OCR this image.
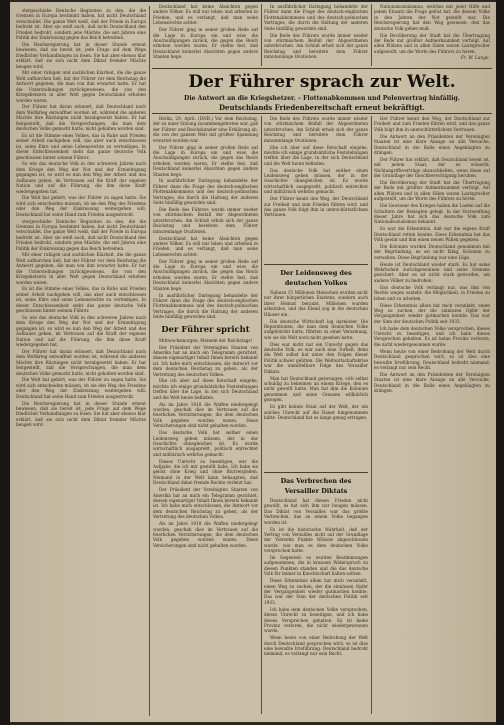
stergeschiebe Dentsche Regionten zu den, die die Grenzen in Europa bestimmt haben, hat nicht Deutschland verschuldet. Die ganze Welt weiß, daß der Friede in Europa bedroht ist. Aber sie weiß auch, daß nicht Deutschland den Frieden bedroht, sondern jene Mächte, die seit Jahren eine Politik der Einkreisung gegen das Reich betreiben.

Die Reichsregierung hat in dieser Stunde erneut bewiesen, daß sie bereit ist, jede Frage auf dem Wege friedlicher Verhandlungen zu lösen. Sie hat aber ebenso klar erklärt, daß sie sich nicht dem Diktat fremder Mächte beugen wird.

Mit einer ruhigen und sachlichen Klarheit, die die ganze Welt aufhorchen ließ, hat der Führer vor dem Reichstag die Antwort gegeben, die man von ihm erwartet hatte. Er hat die Unterstellungen zurückgewiesen, die von den Kriegshetzern in aller Welt gegen Deutschland erhoben worden waren.

Der Führer hat daran erinnert, daß Deutschland nach dem Weltkrieg entwaffnet worden ist, während die anderen Mächte ihre Rüstungen nicht herabgesetzt haben. Er hat festgestellt, daß die Versprechungen, die man dem deutschen Volke gemacht hatte, nicht gehalten worden sind.

Es ist die Stimme eines Volkes, das in Ruhe und Frieden seiner Arbeit nachgehen will, das aber auch entschlossen ist, seine Ehre und seine Lebensrechte zu verteidigen. In dieser Entschlossenheit steht das ganze deutsche Volk geschlossen hinter seinem Führer.

So wie das deutsche Volk in den schweren Jahren nach dem Kriege den Weg der Not und der Erniedrigung gegangen ist, so wird es nun den Weg der Arbeit und des Aufbaues gehen, im Vertrauen auf die Kraft der eigenen Nation und auf die Führung, die ihm diese Kraft wiedergegeben hat.

Die Welt hat gehört, was der Führer zu sagen hatte. Sie wird sich entscheiden müssen, ob sie den Weg des Friedens oder den Weg der Einkreisung weitergehen will. Deutschland hat seine Hand zum Frieden ausgestreckt.

stergeschiebe Dentsche Regionten zu den, die die Grenzen in Europa bestimmt haben, hat nicht Deutschland verschuldet. Die ganze Welt weiß, daß der Friede in Europa bedroht ist. Aber sie weiß auch, daß nicht Deutschland den Frieden bedroht, sondern jene Mächte, die seit Jahren eine Politik der Einkreisung gegen das Reich betreiben.

Mit einer ruhigen und sachlichen Klarheit, die die ganze Welt aufhorchen ließ, hat der Führer vor dem Reichstag die Antwort gegeben, die man von ihm erwartet hatte. Er hat die Unterstellungen zurückgewiesen, die von den Kriegshetzern in aller Welt gegen Deutschland erhoben worden waren.

Es ist die Stimme eines Volkes, das in Ruhe und Frieden seiner Arbeit nachgehen will, das aber auch entschlossen ist, seine Ehre und seine Lebensrechte zu verteidigen. In dieser Entschlossenheit steht das ganze deutsche Volk geschlossen hinter seinem Führer.

So wie das deutsche Volk in den schweren Jahren nach dem Kriege den Weg der Not und der Erniedrigung gegangen ist, so wird es nun den Weg der Arbeit und des Aufbaues gehen, im Vertrauen auf die Kraft der eigenen Nation und auf die Führung, die ihm diese Kraft wiedergegeben hat.

Der Führer hat daran erinnert, daß Deutschland nach dem Weltkrieg entwaffnet worden ist, während die anderen Mächte ihre Rüstungen nicht herabgesetzt haben. Er hat festgestellt, daß die Versprechungen, die man dem deutschen Volke gemacht hatte, nicht gehalten worden sind.

Die Welt hat gehört, was der Führer zu sagen hatte. Sie wird sich entscheiden müssen, ob sie den Weg des Friedens oder den Weg der Einkreisung weitergehen will. Deutschland hat seine Hand zum Frieden ausgestreckt.

Die Reichsregierung hat in dieser Stunde erneut bewiesen, daß sie bereit ist, jede Frage auf dem Wege friedlicher Verhandlungen zu lösen. Sie hat aber ebenso klar erklärt, daß sie sich nicht dem Diktat fremder Mächte beugen wird.

Deutschland hat keine Absichten gegen andere Völker. Es will nur leben und arbeiten in Frieden, und es verlangt, daß man seine Lebensrechte achtet.

Der Führer ging in seiner großen Rede auf die Lage in Europa ein und wies die Anschuldigungen zurück, die gegen das Reich erhoben worden waren. Er stellte fest, daß Deutschland keinerlei Absichten gegen andere Staaten hege.

In ausführlicher Darlegung behandelte der Führer dann die Frage des deutsch-englischen Flottenabkommens und des deutsch-polnischen Vertrages, die durch die Haltung der anderen Seite hinfällig geworden sind.

Die Rede des Führers wurde immer wieder von stürmischem Beifall der Abgeordneten unterbrochen. Am Schluß erhob sich der ganze Reichstag und bereitete dem Führer minutenlange Ovationen.

Nationalsozialismus, welches mit jeder Hilfe und jedem Einsatz die Frage gelöst hat, die diesem Volke in den Jahren der Not gestellt war. Die Reichsregierung hat den Weg gewiesen, den das deutsche Volk gehen muß.

Die Bevölkerung der Stadt hat die Übertragung der Rede mit größter Aufmerksamkeit verfolgt. Auf allen Plätzen und in allen Sälen waren Lautsprecher aufgestellt, um die Worte des Führers zu hören.

Fr. W. Lange.

Der Führer sprach zur Welt.
Die Antwort an die Kriegshetzer. – Flottenabkommen und Polenvertrag hinfällig.
Deutschlands Friedenbereitschaft erneut bekräftigt.

Berlin, 29. April. (DNB.) Vor dem Reichstag, der zu einer Sitzung zusammengetreten war, gab der Führer und Reichskanzler eine Erklärung ab, die von der ganzen Welt mit größter Spannung erwartet worden war.

Der Führer ging in seiner großen Rede auf die Lage in Europa ein und wies die Anschuldigungen zurück, die gegen das Reich erhoben worden waren. Er stellte fest, daß Deutschland keinerlei Absichten gegen andere Staaten hege.

In ausführlicher Darlegung behandelte der Führer dann die Frage des deutsch-englischen Flottenabkommens und des deutsch-polnischen Vertrages, die durch die Haltung der anderen Seite hinfällig geworden sind.

Die Rede des Führers wurde immer wieder von stürmischem Beifall der Abgeordneten unterbrochen. Am Schluß erhob sich der ganze Reichstag und bereitete dem Führer minutenlange Ovationen.

Deutschland hat keine Absichten gegen andere Völker. Es will nur leben und arbeiten in Frieden, und es verlangt, daß man seine Lebensrechte achtet.

Der Führer ging in seiner großen Rede auf die Lage in Europa ein und wies die Anschuldigungen zurück, die gegen das Reich erhoben worden waren. Er stellte fest, daß Deutschland keinerlei Absichten gegen andere Staaten hege.

In ausführlicher Darlegung behandelte der Führer dann die Frage des deutsch-englischen Flottenabkommens und des deutsch-polnischen Vertrages, die durch die Haltung der anderen Seite hinfällig geworden sind.

Der Führer spricht

Mittwochsmorgen, Meinem der Reichstags!

Der Präsident der Vereinigten Staaten von Amerika hat an mich ein Telegramm gerichtet, dessen eigenartiger Inhalt Ihnen bereits bekannt ist. Ich habe mich entschlossen, die Antwort vor dem deutschen Reichstag zu geben, als der Vertretung des deutschen Volkes.

Ehe ich aber auf diese Botschaft eingehe, möchte ich einige grundsätzliche Feststellungen treffen über die Lage, in der sich Deutschland und die Welt heute befinden.

Als im Jahre 1918 die Waffen niedergelegt wurden, geschah dies im Vertrauen auf die feierlichen Versicherungen, die dem deutschen Volk gegeben worden waren. Diese Versicherungen sind nicht gehalten worden.

Das deutsche Volk hat seither einen Leidensweg gehen müssen, der in der Geschichte ohnegleichen ist. Es wurde wirtschaftlich ausgepreßt, politisch entrechtet und militärisch wehrlos gemacht.

Dieses Unrecht zu beseitigen, war die Aufgabe, die ich mir gestellt habe. Ich habe sie gelöst ohne Krieg und ohne Blutvergießen. Niemand in der Welt kann behaupten, daß Deutschland dabei fremde Rechte verletzt hat.

Der Präsident der Vereinigten Staaten von Amerika hat an mich ein Telegramm gerichtet, dessen eigenartiger Inhalt Ihnen bereits bekannt ist. Ich habe mich entschlossen, die Antwort vor dem deutschen Reichstag zu geben, als der Vertretung des deutschen Volkes.

Als im Jahre 1918 die Waffen niedergelegt wurden, geschah dies im Vertrauen auf die feierlichen Versicherungen, die dem deutschen Volk gegeben worden waren. Diese Versicherungen sind nicht gehalten worden.

Die Rede des Führers wurde immer wieder von stürmischem Beifall der Abgeordneten unterbrochen. Am Schluß erhob sich der ganze Reichstag und bereitete dem Führer minutenlange Ovationen.

Ehe ich aber auf diese Botschaft eingehe, möchte ich einige grundsätzliche Feststellungen treffen über die Lage, in der sich Deutschland und die Welt heute befinden.

Das deutsche Volk hat seither einen Leidensweg gehen müssen, der in der Geschichte ohnegleichen ist. Es wurde wirtschaftlich ausgepreßt, politisch entrechtet und militärisch wehrlos gemacht.

Der Führer kennt den Weg, der Deutschland zur Freiheit und zum Frieden führen wird, und das ganze Volk folgt ihm in unerschütterlichem Vertrauen.

Der Führer kennt den Weg, der Deutschland zur Freiheit und zum Frieden führen wird, und das ganze Volk folgt ihm in unerschütterlichem Vertrauen.

Die Antwort an den Präsidenten der Vereinigten Staaten ist eine klare Absage an alle Versuche, Deutschland in die Rolle eines Angeklagten zu drängen.

Der Führer hat erklärt, daß Deutschland bereit ist, mit jedem Staat, der es wünscht, Nichtangriffsverträge abzuschließen, wenn diese auf der Grundlage der Gleichberechtigung beruhen.

Die Bevölkerung der Stadt hat die Übertragung der Rede mit größter Aufmerksamkeit verfolgt. Auf allen Plätzen und in allen Sälen waren Lautsprecher aufgestellt, um die Worte des Führers zu hören.

Die Gewinner des Krieges haben die Lasten auf die Schultern der Besiegten gelegt. In der Verzweiflung dieser Jahre hat sich das deutsche Volk zum Nationalsozialismus bekannt.

Es war die Erkenntnis, daß nur die eigene Kraft Deutschland retten konnte. Diese Erkenntnis hat das Volk geeint und ihm einen neuen Willen gegeben.

Die Kolonien wurden Deutschland genommen mit der Begründung, es sei nicht fähig, Kolonien zu verwalten. Diese Begründung war eine Lüge.

Heute ist Deutschland wieder stark. Es hat seine Wehrhoheit zurückgewonnen und seine Grenzen gesichert. Aber es ist nicht stark geworden, um andere Völker zu bedrohen.

Das deutsche Volk verlangt nur, was ihm von Rechts wegen zusteht: die Möglichkeit, in Frieden zu leben und zu arbeiten.

Diese Erkenntnis allein hat mich veranlaßt, einen Weg zu suchen, der die sinnlosen Opfer der Vergangenheit wieder gutmachen konnte. Das war der Sinn der deutschen Politik seit 1933.

Ich habe dem deutschen Volke versprochen, dieses Unrecht zu beseitigen, und ich habe dieses Versprechen gehalten. Es ist keine Provinz verloren, die nicht wiedergewonnen wurde.

Wenn heute von einer Bedrohung der Welt durch Deutschland gesprochen wird, so ist dies eine bewußte Irreführung. Deutschland bedroht niemand, es verlangt nur sein Recht.

Die Antwort an den Präsidenten der Vereinigten Staaten ist eine klare Absage an alle Versuche, Deutschland in die Rolle eines Angeklagten zu drängen.

Der Leidensweg des deutschen Volkes

Nahezu 15 Millionen Menschen wurden nicht nur ihrer bürgerlichen Existenz, sondern auch ihrer Heimat beraubt. Millionen wurden arbeitslos, und das Elend zog in die deutschen Häuser ein.

Die deutsche Wirtschaft lag darnieder. Die Reparationen, die man dem deutschen Volke aufgebürdet hatte, führten zu einer Verarmung, wie sie die Welt noch nicht gesehen hatte.

Dies war nicht nur ein Unrecht gegen das deutsche Volk, es war auch eine Torheit, denn die Welt selbst hat unter den Folgen dieser Politik schwer gelitten. Die Weltwirtschaftskrise war die unmittelbare Folge des Versailler Diktats.

Man hat Deutschland gezwungen, sich selbst schuldig zu bekennen an einem Kriege, den es nicht gewollt hatte. Man hat ihm die Kolonien genommen und seine Grenzen willkürlich gezogen.

Es gibt keinen Staat auf der Welt, der ein solches Unrecht auf die Dauer hingenommen hätte. Deutschland hat es lange genug ertragen.

Das Verbrechen des Versailler Diktats

Deutschland hat diesen Frieden nicht gewollt, es hat sich ihm nur beugen müssen. Das Diktat von Versailles war das größte Verbrechen, das an einem Volke begangen worden ist.

Es ist die historische Wahrheit, daß der Vertrag von Versailles nicht auf der Grundlage der Vierzehn Punkte Wilsons abgeschlossen wurde, wie man es dem deutschen Volke versprochen hatte.

Im Gegenteil: es wurden Bestimmungen aufgenommen, die in krassem Widerspruch zu diesen Punkten standen und die das deutsche Volk für immer in Knechtschaft halten sollten.

Diese Erkenntnis allein hat mich veranlaßt, einen Weg zu suchen, der die sinnlosen Opfer der Vergangenheit wieder gutmachen konnte. Das war der Sinn der deutschen Politik seit 1933.

Ich habe dem deutschen Volke versprochen, dieses Unrecht zu beseitigen, und ich habe dieses Versprechen gehalten. Es ist keine Provinz verloren, die nicht wiedergewonnen wurde.

Wenn heute von einer Bedrohung der Welt durch Deutschland gesprochen wird, so ist dies eine bewußte Irreführung. Deutschland bedroht niemand, es verlangt nur sein Recht.
